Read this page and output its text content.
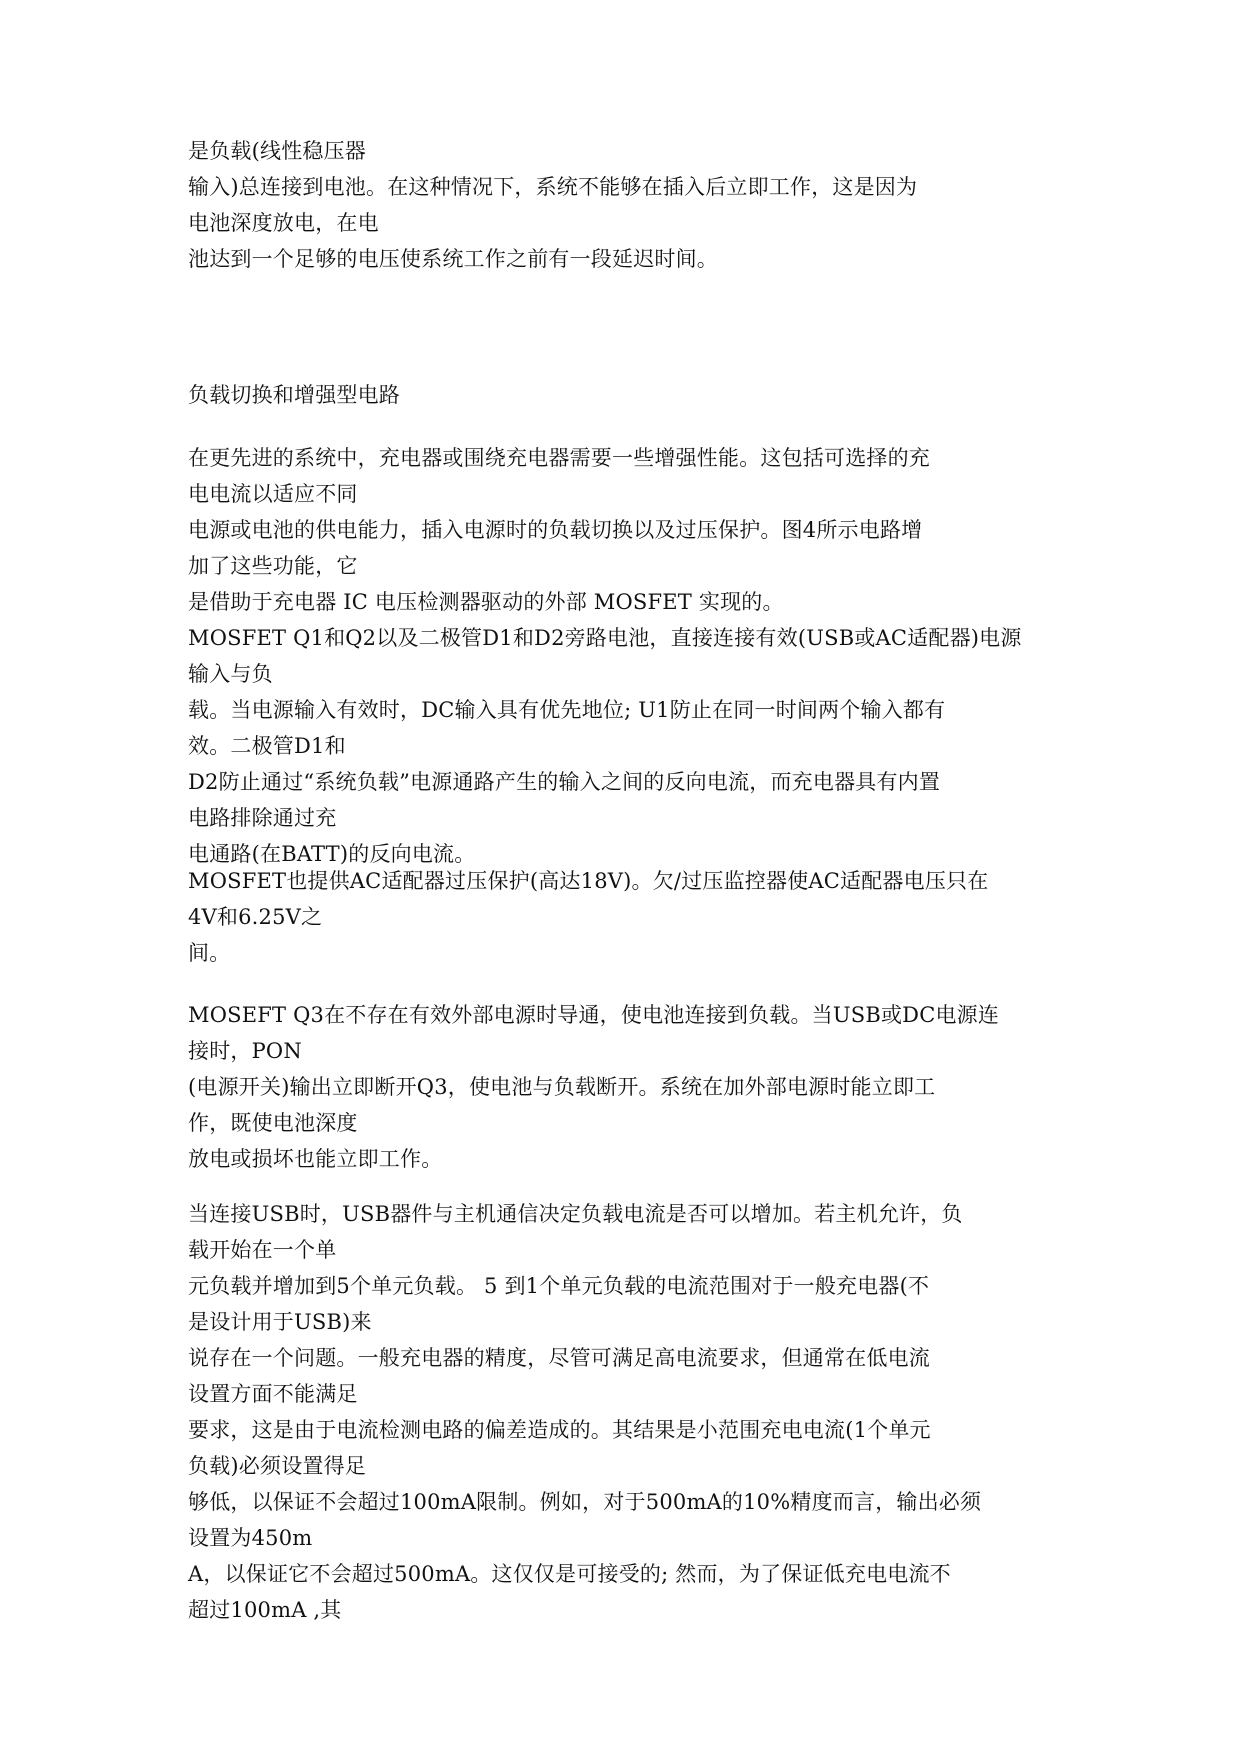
是负载(线性稳压器
输入)总连接到电池。在这种情况下，系统不能够在插入后立即工作，这是因为
电池深度放电，在电
池达到一个足够的电压使系统工作之前有一段延迟时间。
负载切换和增强型电路
在更先进的系统中，充电器或围绕充电器需要一些增强性能。这包括可选择的充
电电流以适应不同
电源或电池的供电能力，插入电源时的负载切换以及过压保护。图4所示电路增
加了这些功能，它
是借助于充电器 IC 电压检测器驱动的外部 MOSFET 实现的。
MOSFET Q1和Q2以及二极管D1和D2旁路电池，直接连接有效(USB或AC适配器)电源
输入与负
载。当电源输入有效时，DC输入具有优先地位; U1防止在同一时间两个输入都有
效。二极管D1和
D2防止通过“系统负载”电源通路产生的输入之间的反向电流，而充电器具有内置
电路排除通过充
电通路(在BATT)的反向电流。
MOSFET也提供AC适配器过压保护(高达18V)。欠/过压监控器使AC适配器电压只在
4V和6.25V之
间。
MOSEFT Q3在不存在有效外部电源时导通，使电池连接到负载。当USB或DC电源连
接时，PON
(电源开关)输出立即断开Q3，使电池与负载断开。系统在加外部电源时能立即工
作，既使电池深度
放电或损坏也能立即工作。
当连接USB时，USB器件与主机通信决定负载电流是否可以增加。若主机允许，负
载开始在一个单
元负载并增加到5个单元负载。 5 到1个单元负载的电流范围对于一般充电器(不
是设计用于USB)来
说存在一个问题。一般充电器的精度，尽管可满足高电流要求，但通常在低电流
设置方面不能满足
要求，这是由于电流检测电路的偏差造成的。其结果是小范围充电电流(1个单元
负载)必须设置得足
够低，以保证不会超过100mA限制。例如，对于500mA的10%精度而言，输出必须
设置为450m
A，以保证它不会超过500mA。这仅仅是可接受的; 然而，为了保证低充电电流不
超过100mA ,其
